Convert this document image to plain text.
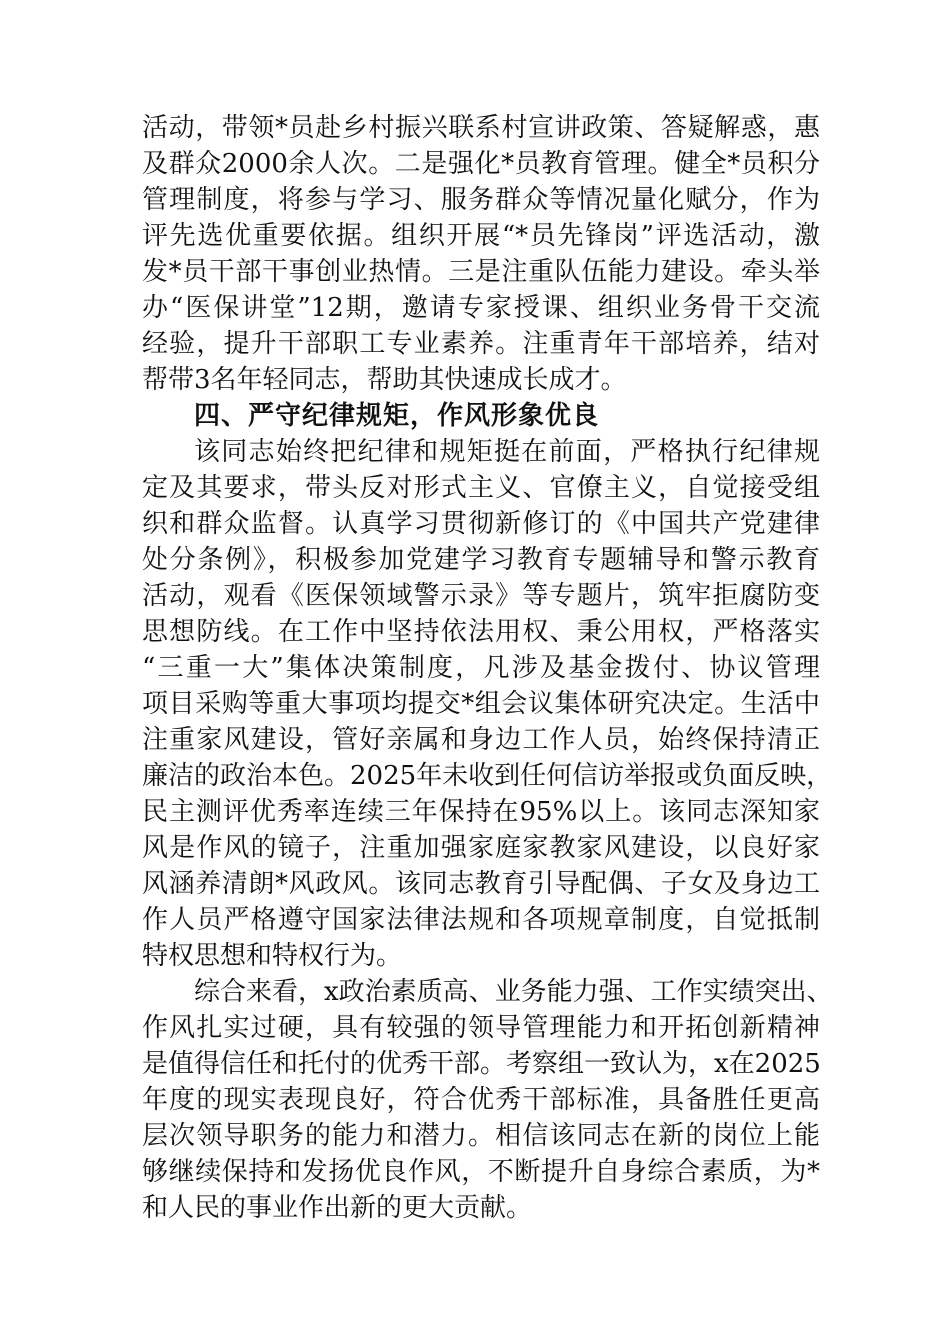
活动，带领*员赴乡村振兴联系村宣讲政策、答疑解惑，惠
及群众2000余人次。二是强化*员教育管理。健全*员积分
管理制度，将参与学习、服务群众等情况量化赋分，作为
评先选优重要依据。组织开展“*员先锋岗”评选活动，激
发*员干部干事创业热情。三是注重队伍能力建设。牵头举
办“医保讲堂”12期，邀请专家授课、组织业务骨干交流
经验，提升干部职工专业素养。注重青年干部培养，结对
帮带3名年轻同志，帮助其快速成长成才。
四、严守纪律规矩，作风形象优良
该同志始终把纪律和规矩挺在前面，严格执行纪律规
定及其要求，带头反对形式主义、官僚主义，自觉接受组
织和群众监督。认真学习贯彻新修订的《中国共产党建律
处分条例》，积极参加党建学习教育专题辅导和警示教育
活动，观看《医保领域警示录》等专题片，筑牢拒腐防变
思想防线。在工作中坚持依法用权、秉公用权，严格落实
“三重一大”集体决策制度，凡涉及基金拨付、协议管理
项目采购等重大事项均提交*组会议集体研究决定。生活中
注重家风建设，管好亲属和身边工作人员，始终保持清正
廉洁的政治本色。2025年未收到任何信访举报或负面反映，
民主测评优秀率连续三年保持在95%以上。该同志深知家
风是作风的镜子，注重加强家庭家教家风建设，以良好家
风涵养清朗*风政风。该同志教育引导配偶、子女及身边工
作人员严格遵守国家法律法规和各项规章制度，自觉抵制
特权思想和特权行为。
综合来看，x政治素质高、业务能力强、工作实绩突出、
作风扎实过硬，具有较强的领导管理能力和开拓创新精神
是值得信任和托付的优秀干部。考察组一致认为，x在2025
年度的现实表现良好，符合优秀干部标准，具备胜任更高
层次领导职务的能力和潜力。相信该同志在新的岗位上能
够继续保持和发扬优良作风，不断提升自身综合素质，为*
和人民的事业作出新的更大贡献。
